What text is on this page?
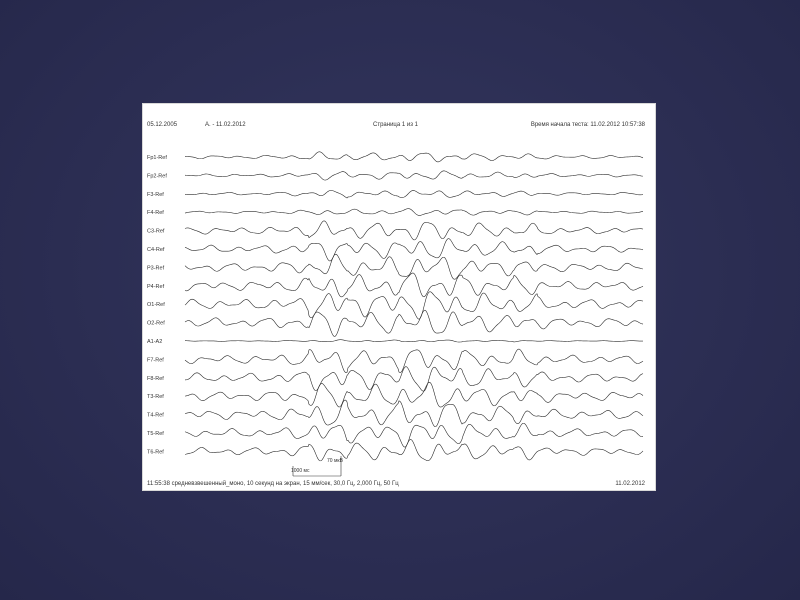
05.12.2005	А. - 11.02.2012	Страница 1 из 1	Время начала теста: 11.02.2012 10:57:38
Fp1-Ref
Fp2-Ref
F3-Ref
F4-Ref
C3-Ref
C4-Ref
P3-Ref
P4-Ref
O1-Ref
O2-Ref
A1-A2
F7-Ref
F8-Ref
T3-Ref
T4-Ref
T5-Ref
T6-Ref
1000 мс
70 мкВ
11:55:38 средневзвешенный_моно, 10 секунд на экран, 15 мм/сек, 30,0 Гц, 2,000 Гц, 50 Гц	11.02.2012
